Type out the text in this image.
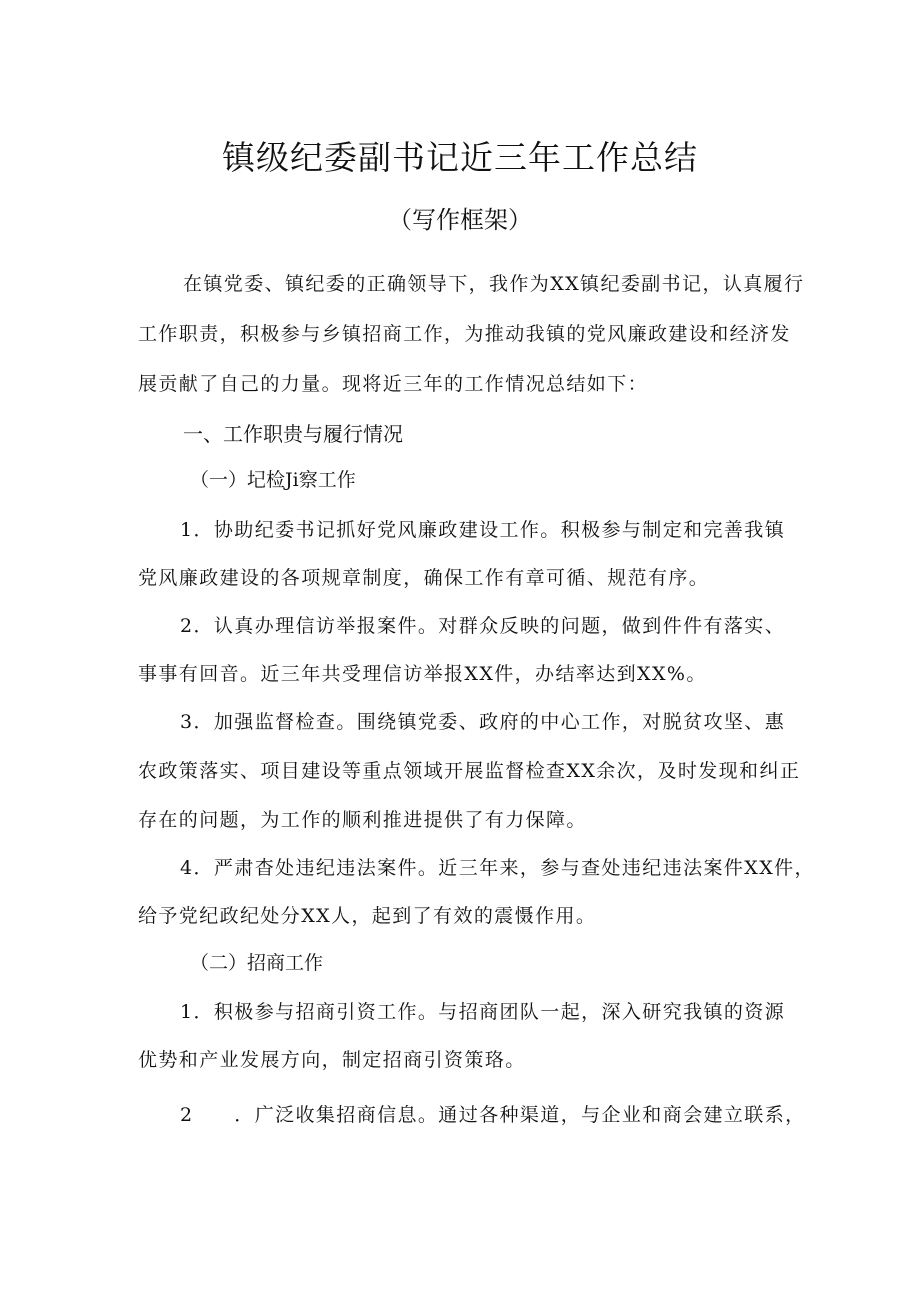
镇级纪委副书记近三年工作总结

（写作框架）

在镇党委、镇纪委的正确领导下，我作为XX镇纪委副书记，认真履行

工作职责，积极参与乡镇招商工作，为推动我镇的党风廉政建设和经济发

展贡献了自己的力量。现将近三年的工作情况总结如下：

一、工作职贵与履行情况

（一）圮检Ji察工作

1．协助纪委书记抓好党风廉政建设工作。积极参与制定和完善我镇

党风廉政建设的各项规章制度，确保工作有章可循、规范有序。

2．认真办理信访举报案件。对群众反映的问题，做到件件有落实、

事事有回音。近三年共受理信访举报XX件，办结率达到XX%。

3．加强监督检查。围绕镇党委、政府的中心工作，对脱贫攻坚、惠

农政策落实、项目建设等重点领域开展监督检查XX余次，及时发现和纠正

存在的问题，为工作的顺利推进提供了有力保障。

4．严肃杳处违纪违法案件。近三年来，参与查处违纪违法案件XX件，

给予党纪政纪处分XX人，起到了有效的震慑作用。

（二）招商工作

1．积极参与招商引资工作。与招商团队一起，深入研究我镇的资源

优势和产业发展方向，制定招商引资策珞。

2　　．广泛收集招商信息。通过各种渠道，与企业和商会建立联系，
